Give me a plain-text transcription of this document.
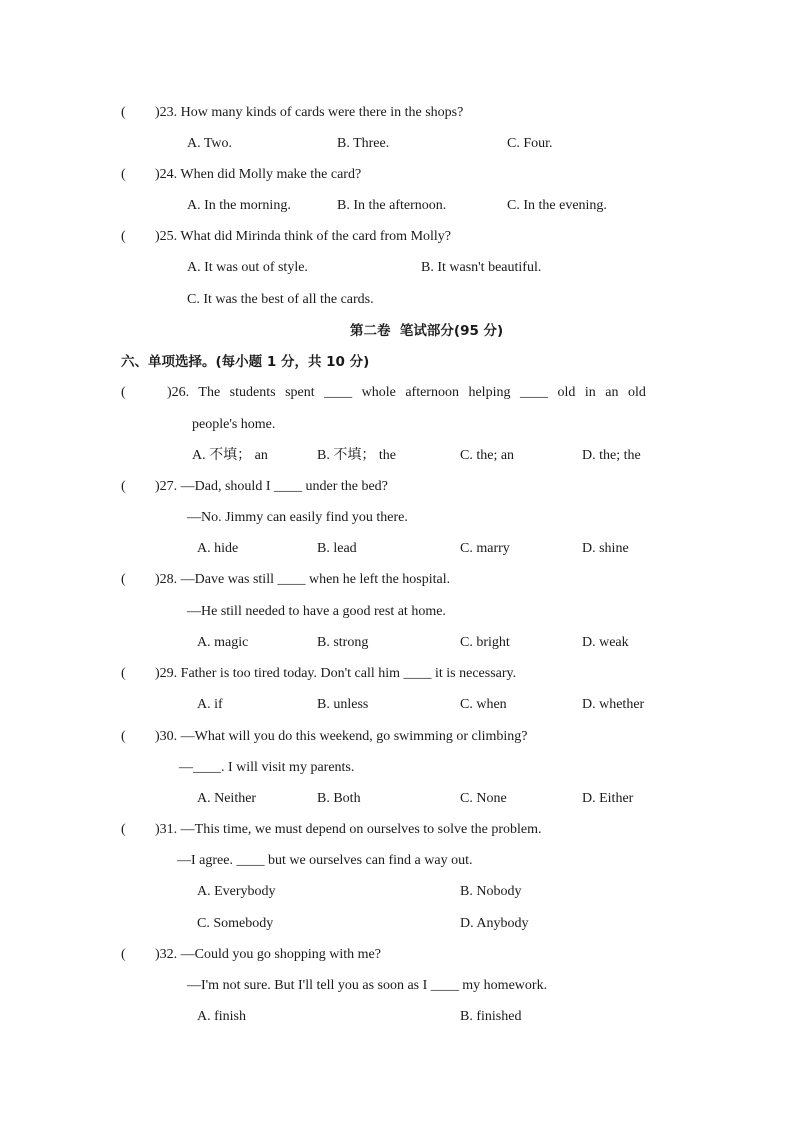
( )23. How many kinds of cards were there in the shops?
A. Two.	B. Three.	C. Four.
( )24. When did Molly make the card?
A. In the morning.	B. In the afternoon.	C. In the evening.
( )25. What did Mirinda think of the card from Molly?
A. It was out of style.	B. It wasn't beautiful.
C. It was the best of all the cards.
第二卷  笔试部分(95 分)
六、单项选择。(每小题 1 分，共 10 分)
(	)26. The students spent ____ whole afternoon helping ____ old in an old
people's home.
A. 不填； an	B. 不填； the	C. the; an	D. the; the
( )27. —Dad, should I ____ under the bed?
—No. Jimmy can easily find you there.
A. hide	B. lead	C. marry	D. shine
( )28. —Dave was still ____ when he left the hospital.
—He still needed to have a good rest at home.
A. magic	B. strong	C. bright	D. weak
( )29. Father is too tired today. Don't call him ____ it is necessary.
A. if	B. unless	C. when	D. whether
( )30. —What will you do this weekend, go swimming or climbing?
—____. I will visit my parents.
A. Neither	B. Both	C. None	D. Either
( )31. —This time, we must depend on ourselves to solve the problem.
—I agree. ____ but we ourselves can find a way out.
A. Everybody	B. Nobody
C. Somebody	D. Anybody
( )32. —Could you go shopping with me?
—I'm not sure. But I'll tell you as soon as I ____ my homework.
A. finish	B. finished
